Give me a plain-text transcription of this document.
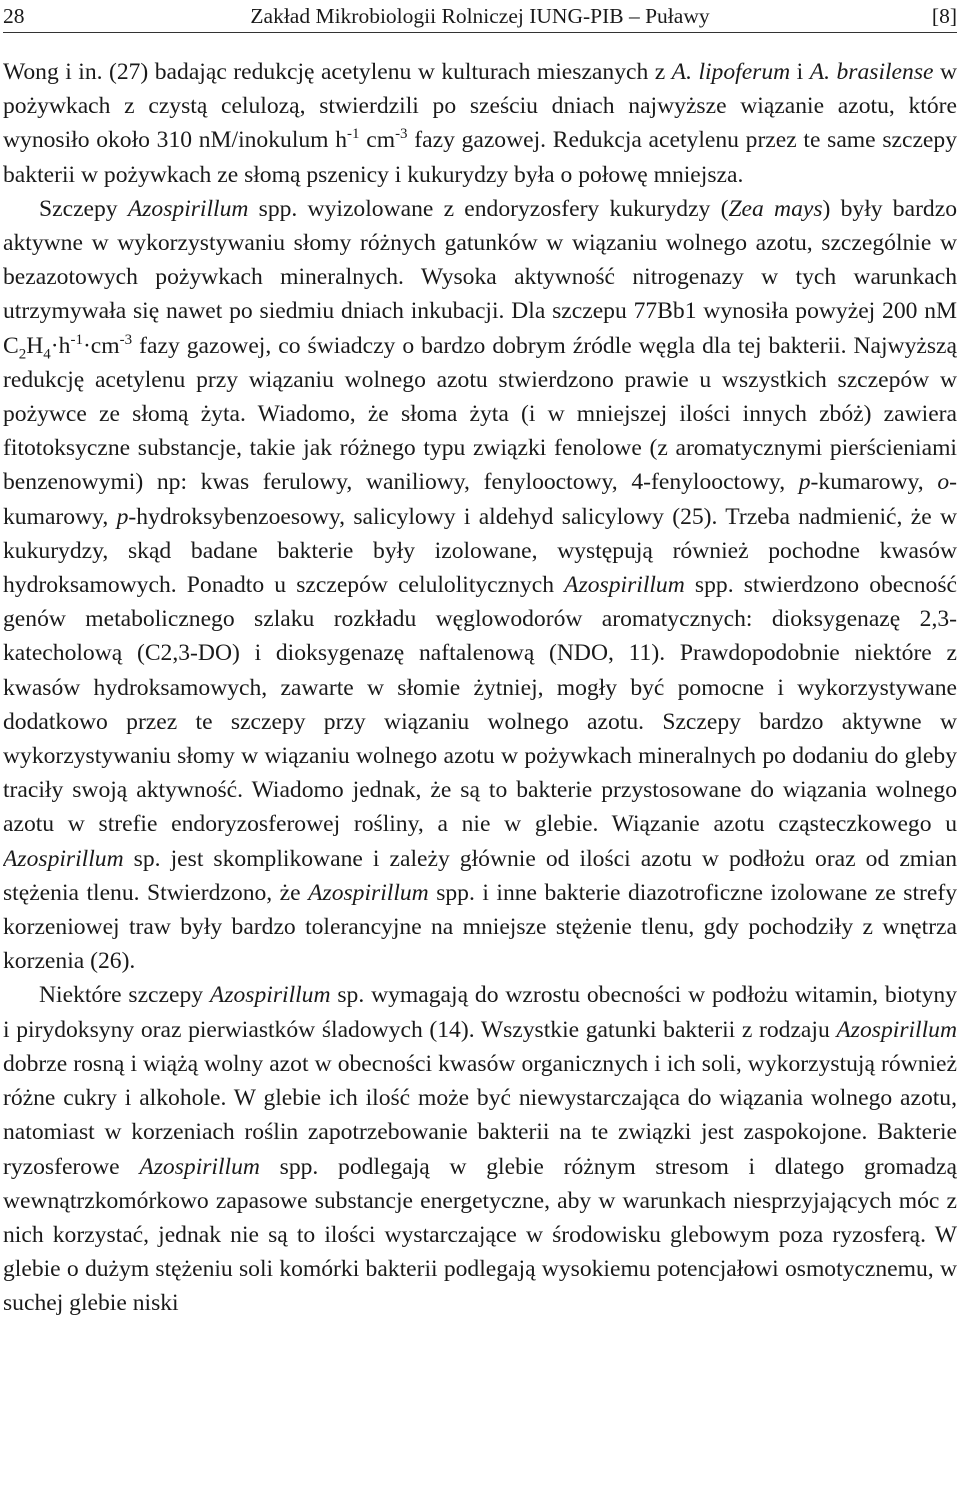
28	Zakład Mikrobiologii Rolniczej IUNG-PIB – Puławy	[8]

Wong i in. (27) badając redukcję acetylenu w kulturach mieszanych z A. lipoferum i A. brasilense w pożywkach z czystą celulozą, stwierdzili po sześciu dniach najwyższe wiązanie azotu, które wynosiło około 310 nM/inokulum $h^{-1}$ $cm^{-3}$ fazy gazowej. Redukcja acetylenu przez te same szczepy bakterii w pożywkach ze słomą pszenicy i kukurydzy była o połowę mniejsza.

Szczepy Azospirillum spp. wyizolowane z endoryzosfery kukurydzy (Zea mays) były bardzo aktywne w wykorzystywaniu słomy różnych gatunków w wiązaniu wolnego azotu, szczególnie w bezazotowych pożywkach mineralnych. Wysoka aktywność nitrogenazy w tych warunkach utrzymywała się nawet po siedmiu dniach inkubacji. Dla szczepu 77Bb1 wynosiła powyżej 200 nM $C_2H_4\cdot h^{-1}\cdot cm^{-3}$ fazy gazowej, co świadczy o bardzo dobrym źródle węgla dla tej bakterii. Najwyższą redukcję acetylenu przy wiązaniu wolnego azotu stwierdzono prawie u wszystkich szczepów w pożywce ze słomą żyta. Wiadomo, że słoma żyta (i w mniejszej ilości innych zbóż) zawiera fitotoksyczne substancje, takie jak różnego typu związki fenolowe (z aromatycznymi pierścieniami benzenowymi) np: kwas ferulowy, waniliowy, fenylooctowy, 4-fenylooctowy, p-kumarowy, o-kumarowy, p-hydroksybenzoesowy, salicylowy i aldehyd salicylowy (25). Trzeba nadmienić, że w kukurydzy, skąd badane bakterie były izolowane, występują również pochodne kwasów hydroksamowych. Ponadto u szczepów celulolitycznych Azospirillum spp. stwierdzono obecność genów metabolicznego szlaku rozkładu węglowodorów aromatycznych: dioksygenazę 2,3-katecholową (C2,3-DO) i dioksygenazę naftalenową (NDO, 11). Prawdopodobnie niektóre z kwasów hydroksamowych, zawarte w słomie żytniej, mogły być pomocne i wykorzystywane dodatkowo przez te szczepy przy wiązaniu wolnego azotu. Szczepy bardzo aktywne w wykorzystywaniu słomy w wiązaniu wolnego azotu w pożywkach mineralnych po dodaniu do gleby traciły swoją aktywność. Wiadomo jednak, że są to bakterie przystosowane do wiązania wolnego azotu w strefie endoryzosferowej rośliny, a nie w glebie. Wiązanie azotu cząsteczkowego u Azospirillum sp. jest skomplikowane i zależy głównie od ilości azotu w podłożu oraz od zmian stężenia tlenu. Stwierdzono, że Azospirillum spp. i inne bakterie diazotroficzne izolowane ze strefy korzeniowej traw były bardzo tolerancyjne na mniejsze stężenie tlenu, gdy pochodziły z wnętrza korzenia (26).

Niektóre szczepy Azospirillum sp. wymagają do wzrostu obecności w podłożu witamin, biotyny i pirydoksyny oraz pierwiastków śladowych (14). Wszystkie gatunki bakterii z rodzaju Azospirillum dobrze rosną i wiążą wolny azot w obecności kwasów organicznych i ich soli, wykorzystują również różne cukry i alkohole. W glebie ich ilość może być niewystarczająca do wiązania wolnego azotu, natomiast w korzeniach roślin zapotrzebowanie bakterii na te związki jest zaspokojone. Bakterie ryzosferowe Azospirillum spp. podlegają w glebie różnym stresom i dlatego gromadzą wewnątrzkomórkowo zapasowe substancje energetyczne, aby w warunkach niesprzyjających móc z nich korzystać, jednak nie są to ilości wystarczające w środowisku glebowym poza ryzosferą. W glebie o dużym stężeniu soli komórki bakterii podlegają wysokiemu potencjałowi osmotycznemu, w suchej glebie niski
